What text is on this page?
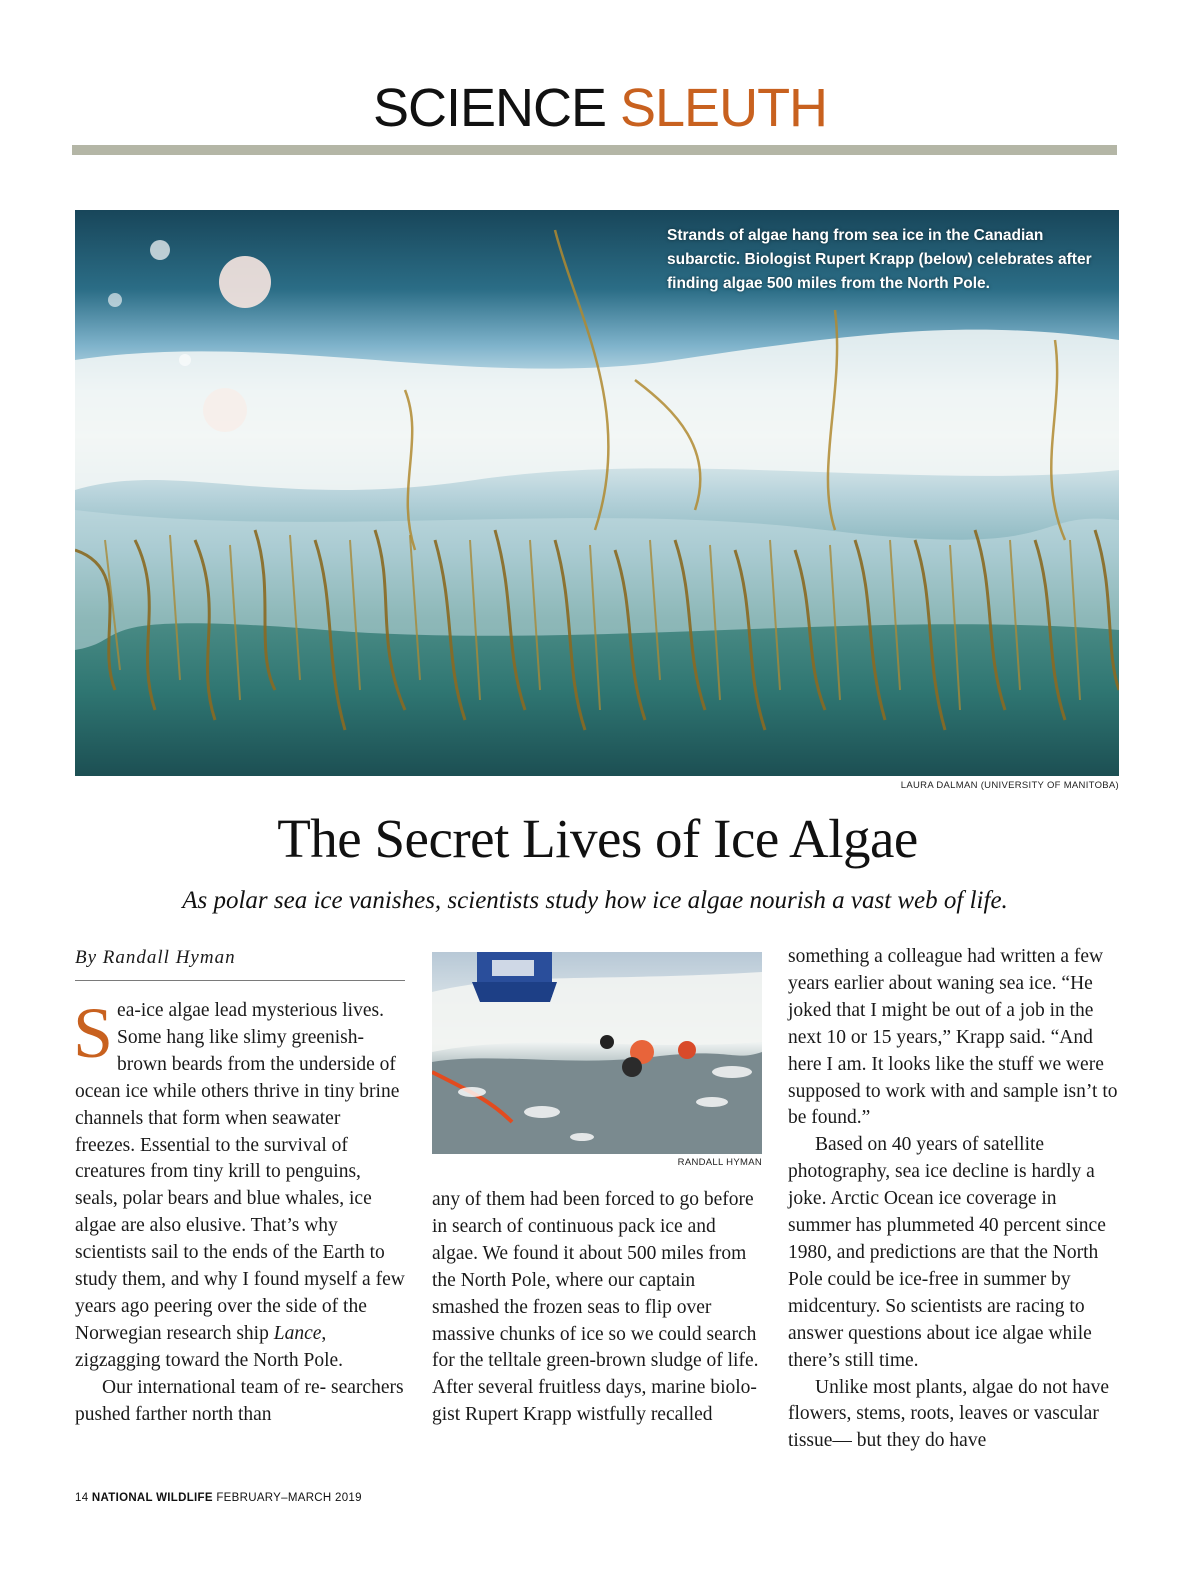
SCIENCE SLEUTH
Strands of algae hang from sea ice in the Canadian subarctic. Biologist Rupert Krapp (below) celebrates after finding algae 500 miles from the North Pole.
LAURA DALMAN (UNIVERSITY OF MANITOBA)
The Secret Lives of Ice Algae
As polar sea ice vanishes, scientists study how ice algae nourish a vast web of life.
By Randall Hyman

Sea-ice algae lead mysterious lives. Some hang like slimy greenish-brown beards from the underside of ocean ice while others thrive in tiny brine channels that form when seawater freezes. Essential to the survival of creatures from tiny krill to penguins, seals, polar bears and blue whales, ice algae are also elusive. That’s why scientists sail to the ends of the Earth to study them, and why I found myself a few years ago peering over the side of the Norwegian research ship Lance, zigzagging toward the North Pole.

Our international team of re- searchers pushed farther north than

RANDALL HYMAN

any of them had been forced to go before in search of continuous pack ice and algae. We found it about 500 miles from the North Pole, where our captain smashed the frozen seas to flip over massive chunks of ice so we could search for the telltale green-brown sludge of life. After several fruitless days, marine biolo- gist Rupert Krapp wistfully recalled

something a colleague had written a few years earlier about waning sea ice. “He joked that I might be out of a job in the next 10 or 15 years,” Krapp said. “And here I am. It looks like the stuff we were supposed to work with and sample isn’t to be found.”

Based on 40 years of satellite photography, sea ice decline is hardly a joke. Arctic Ocean ice coverage in summer has plummeted 40 percent since 1980, and predictions are that the North Pole could be ice-free in summer by midcentury. So scientists are racing to answer questions about ice algae while there’s still time.

Unlike most plants, algae do not have flowers, stems, roots, leaves or vascular tissue— but they do have

14 NATIONAL WILDLIFE FEBRUARY–MARCH 2019
